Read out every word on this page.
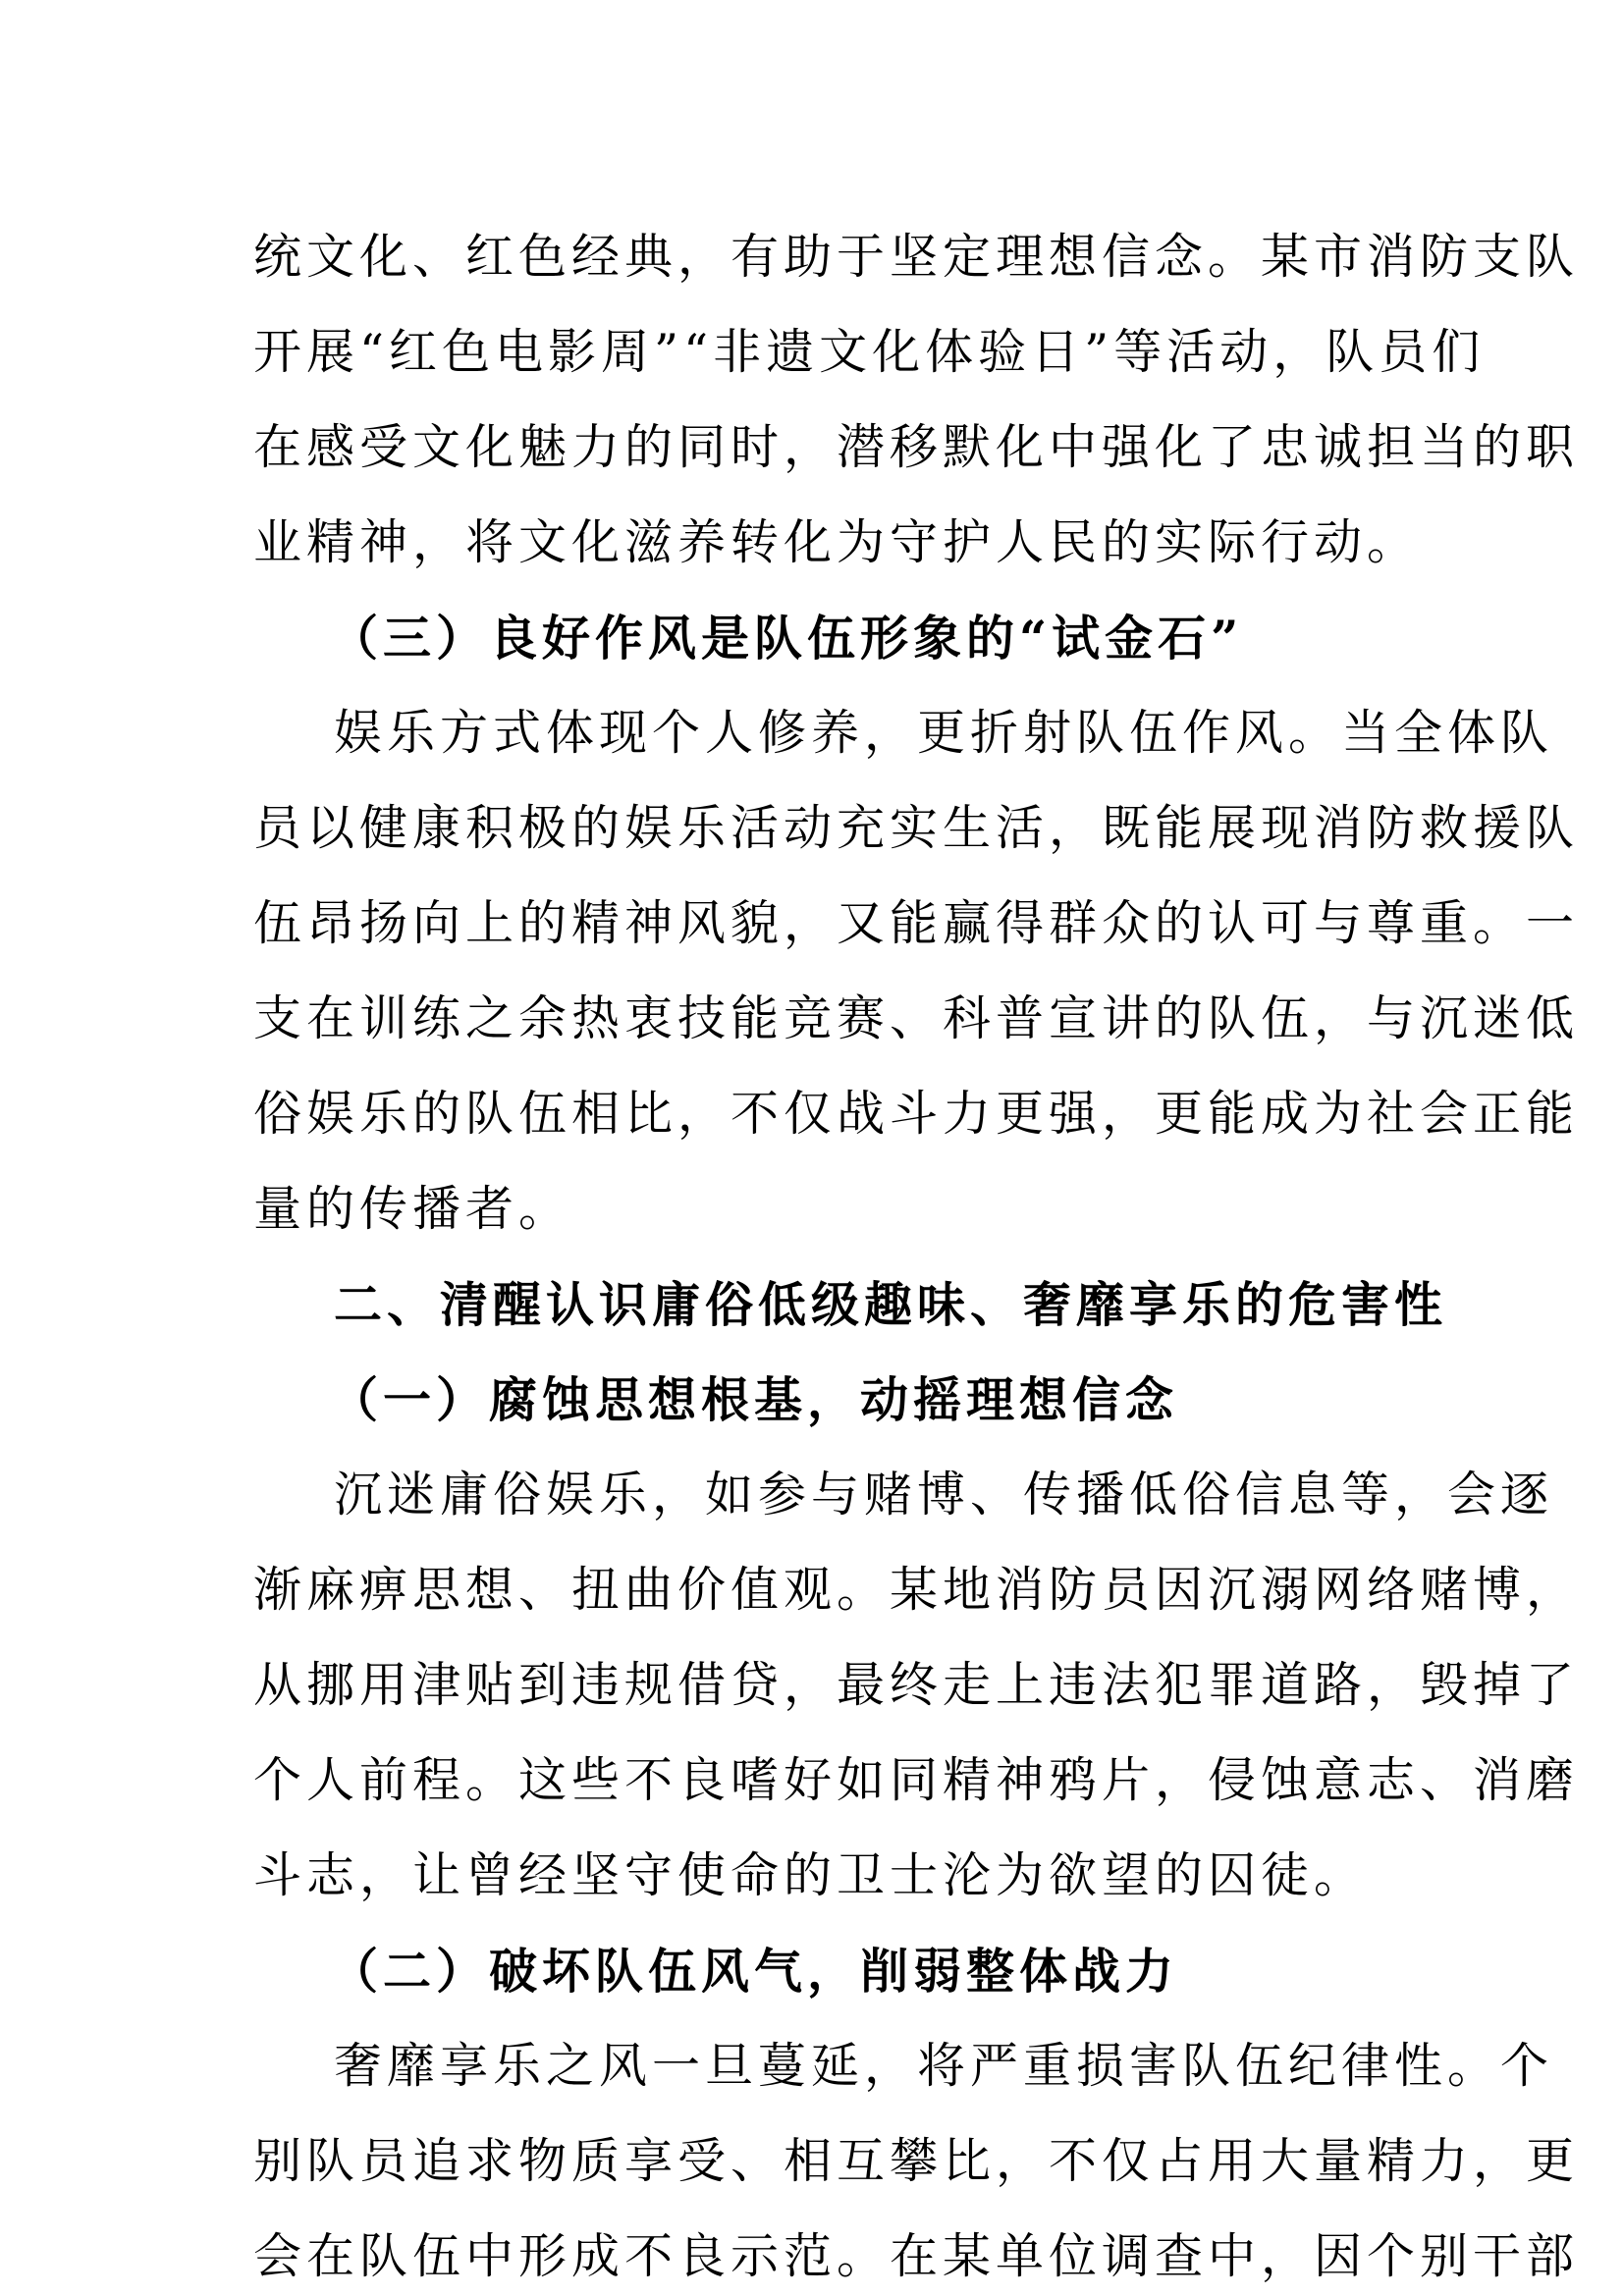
统文化、红色经典，有助于坚定理想信念。某市消防支队
开展“红色电影周”“非遗文化体验日”等活动，队员们
在感受文化魅力的同时，潜移默化中强化了忠诚担当的职
业精神，将文化滋养转化为守护人民的实际行动。
（三）良好作风是队伍形象的“试金石”
娱乐方式体现个人修养，更折射队伍作风。当全体队
员以健康积极的娱乐活动充实生活，既能展现消防救援队
伍昂扬向上的精神风貌，又能赢得群众的认可与尊重。一
支在训练之余热衷技能竞赛、科普宣讲的队伍，与沉迷低
俗娱乐的队伍相比，不仅战斗力更强，更能成为社会正能
量的传播者。
二、清醒认识庸俗低级趣味、奢靡享乐的危害性
（一）腐蚀思想根基，动摇理想信念
沉迷庸俗娱乐，如参与赌博、传播低俗信息等，会逐
渐麻痹思想、扭曲价值观。某地消防员因沉溺网络赌博，
从挪用津贴到违规借贷，最终走上违法犯罪道路，毁掉了
个人前程。这些不良嗜好如同精神鸦片，侵蚀意志、消磨
斗志，让曾经坚守使命的卫士沦为欲望的囚徒。
（二）破坏队伍风气，削弱整体战力
奢靡享乐之风一旦蔓延，将严重损害队伍纪律性。个
别队员追求物质享受、相互攀比，不仅占用大量精力，更
会在队伍中形成不良示范。在某单位调查中，因个别干部
